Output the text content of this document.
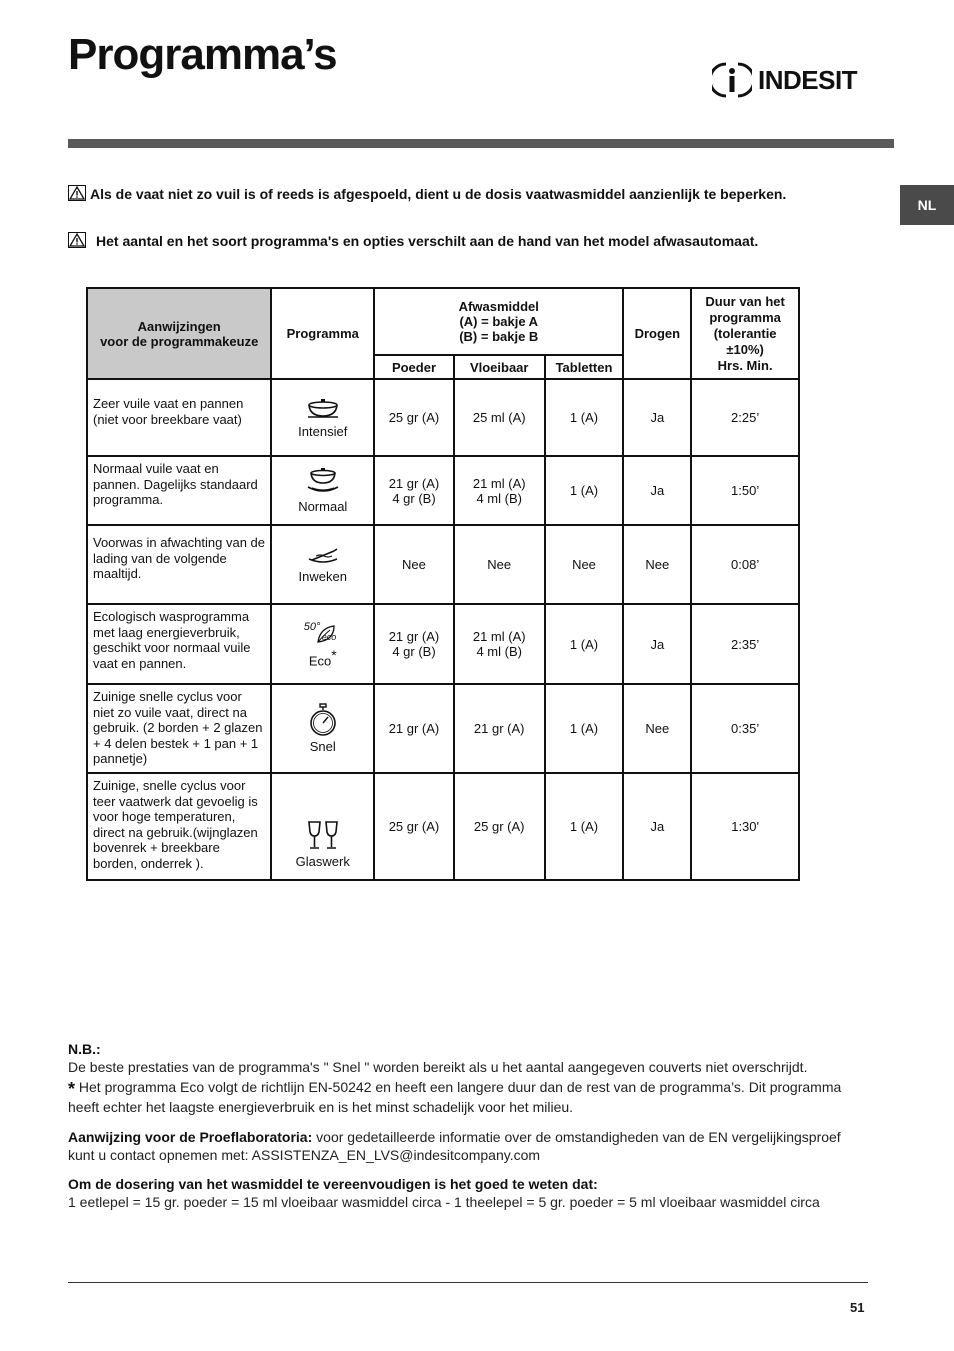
Programma’s
INDESIT
NL
Als de vaat niet zo vuil is of reeds is afgespoeld, dient u de dosis vaatwasmiddel aanzienlijk te beperken.
Het aantal en het soort programma's en opties verschilt aan de hand van het model afwasautomaat.
Aanwijzingen
voor de programmakeuze	Programma	Afwasmiddel
(A) = bakje A
(B) = bakje B			Drogen	Duur van het
programma
(tolerantie
±10%)
Hrs. Min.
		Poeder	Vloeibaar	Tabletten		
Zeer vuile vaat en pannen (niet voor breekbare vaat)	Intensief	25 gr (A)	25 ml (A)	1 (A)	Ja	2:25’
Normaal vuile vaat en pannen. Dagelijks standaard programma.	Normaal	21 gr (A)
4 gr (B)	21 ml (A)
4 ml (B)	1 (A)	Ja	1:50’
Voorwas in afwachting van de lading van de volgende maaltijd.	Inweken	Nee	Nee	Nee	Nee	0:08’
Ecologisch wasprogramma met laag energieverbruik, geschikt voor normaal vuile vaat en pannen.	50°
eco
Eco*	21 gr (A)
4 gr (B)	21 ml (A)
4 ml (B)	1 (A)	Ja	2:35’
Zuinige snelle cyclus voor niet zo vuile vaat, direct na gebruik. (2 borden + 2 glazen + 4 delen bestek + 1 pan + 1 pannetje)	Snel	21 gr (A)	21 gr (A)	1 (A)	Nee	0:35’
Zuinige, snelle cyclus voor teer vaatwerk dat gevoelig is voor hoge temperaturen, direct na gebruik.(wijnglazen bovenrek + breekbare borden, onderrek ).	Glaswerk	25 gr (A)	25 gr (A)	1 (A)	Ja	1:30'
N.B.:
De beste prestaties van de programma's " Snel " worden bereikt als u het aantal aangegeven couverts niet overschrijdt.
* Het programma Eco volgt de richtlijn EN-50242 en heeft een langere duur dan de rest van de programma’s. Dit programma heeft echter het laagste energieverbruik en is het minst schadelijk voor het milieu.
Aanwijzing voor de Proeflaboratoria: voor gedetailleerde informatie over de omstandigheden van de EN vergelijkingsproef kunt u contact opnemen met: ASSISTENZA_EN_LVS@indesitcompany.com
Om de dosering van het wasmiddel te vereenvoudigen is het goed te weten dat:
1 eetlepel = 15 gr. poeder = 15 ml vloeibaar wasmiddel circa - 1 theelepel = 5 gr. poeder = 5 ml vloeibaar wasmiddel circa
51
